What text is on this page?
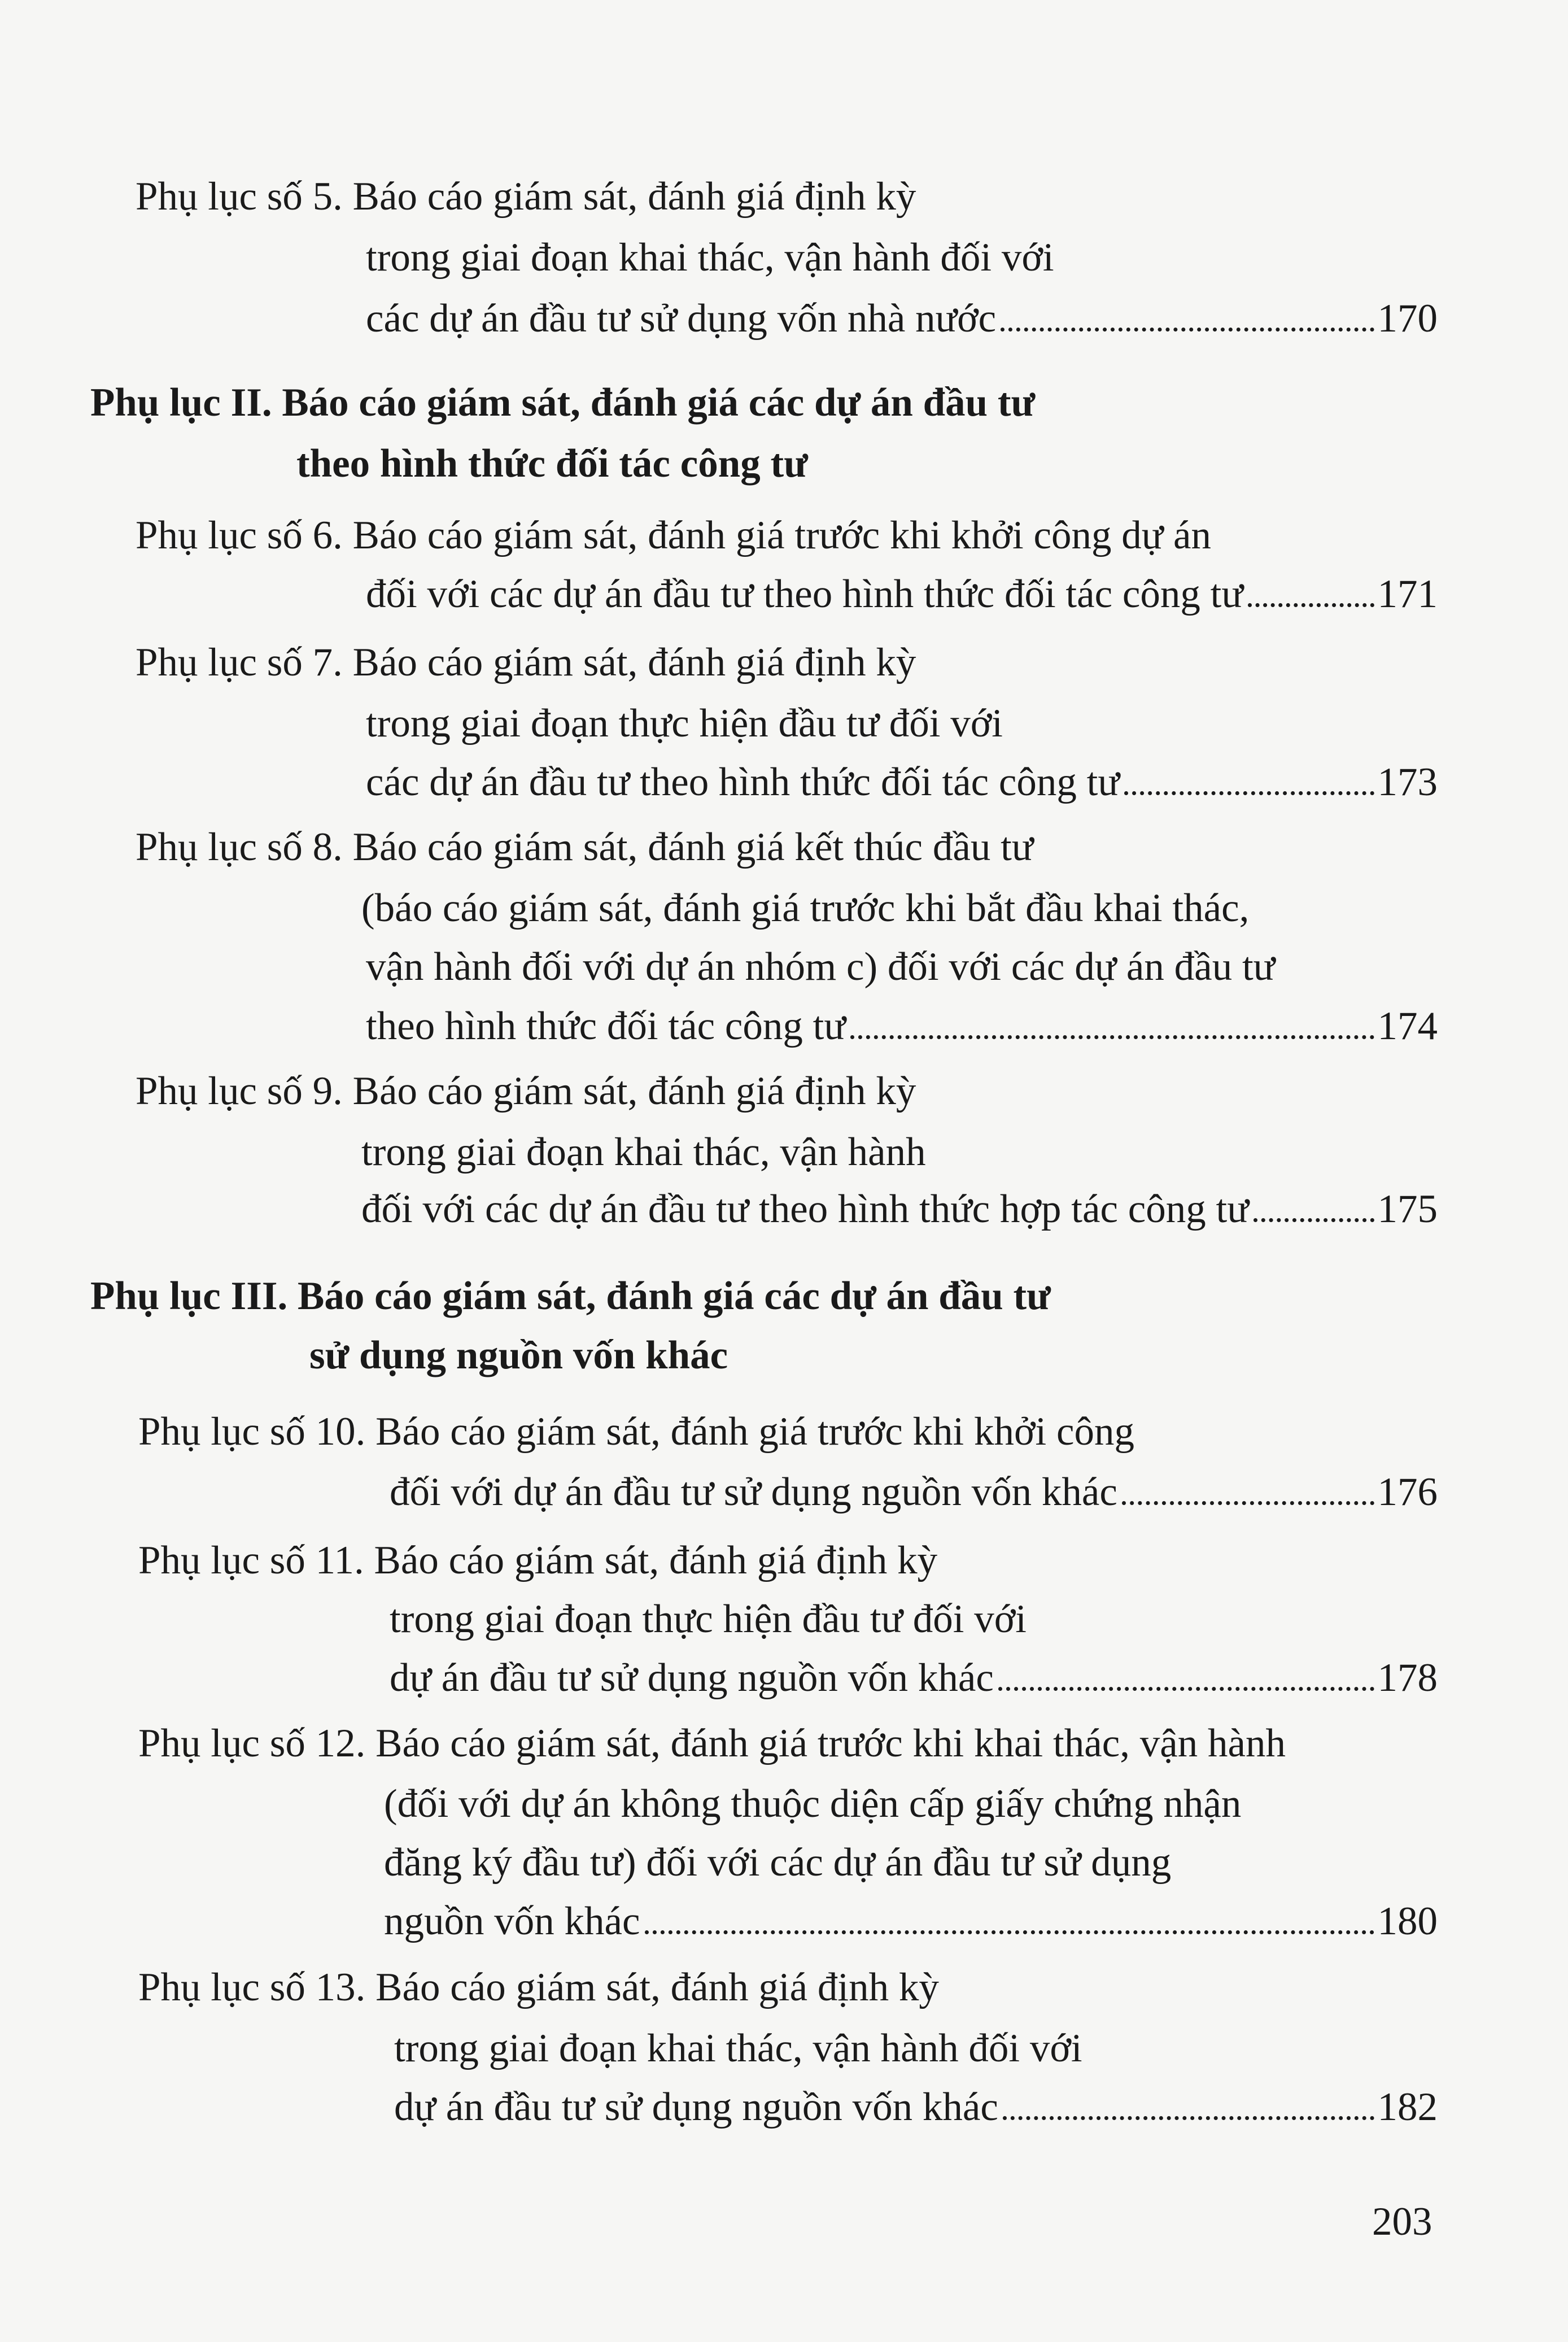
Phụ lục số 5. Báo cáo giám sát, đánh giá định kỳ
trong giai đoạn khai thác, vận hành đối với
các dự án đầu tư sử dụng vốn nhà nước	170
Phụ lục II. Báo cáo giám sát, đánh giá các dự án đầu tư
theo hình thức đối tác công tư
Phụ lục số 6. Báo cáo giám sát, đánh giá trước khi khởi công dự án
đối với các dự án đầu tư theo hình thức đối tác công tư	171
Phụ lục số 7. Báo cáo giám sát, đánh giá định kỳ
trong giai đoạn thực hiện đầu tư đối với
các dự án đầu tư theo hình thức đối tác công tư	173
Phụ lục số 8. Báo cáo giám sát, đánh giá kết thúc đầu tư
(báo cáo giám sát, đánh giá trước khi bắt đầu khai thác,
vận hành đối với dự án nhóm c) đối với các dự án đầu tư
theo hình thức đối tác công tư	174
Phụ lục số 9. Báo cáo giám sát, đánh giá định kỳ
trong giai đoạn khai thác, vận hành
đối với các dự án đầu tư theo hình thức hợp tác công tư	175
Phụ lục III. Báo cáo giám sát, đánh giá các dự án đầu tư
sử dụng nguồn vốn khác
Phụ lục số 10. Báo cáo giám sát, đánh giá trước khi khởi công
đối với dự án đầu tư sử dụng nguồn vốn khác	176
Phụ lục số 11. Báo cáo giám sát, đánh giá định kỳ
trong giai đoạn thực hiện đầu tư đối với
dự án đầu tư sử dụng nguồn vốn khác	178
Phụ lục số 12. Báo cáo giám sát, đánh giá trước khi khai thác, vận hành
(đối với dự án không thuộc diện cấp giấy chứng nhận
đăng ký đầu tư) đối với các dự án đầu tư sử dụng
nguồn vốn khác	180
Phụ lục số 13. Báo cáo giám sát, đánh giá định kỳ
trong giai đoạn khai thác, vận hành đối với
dự án đầu tư sử dụng nguồn vốn khác	182
203
